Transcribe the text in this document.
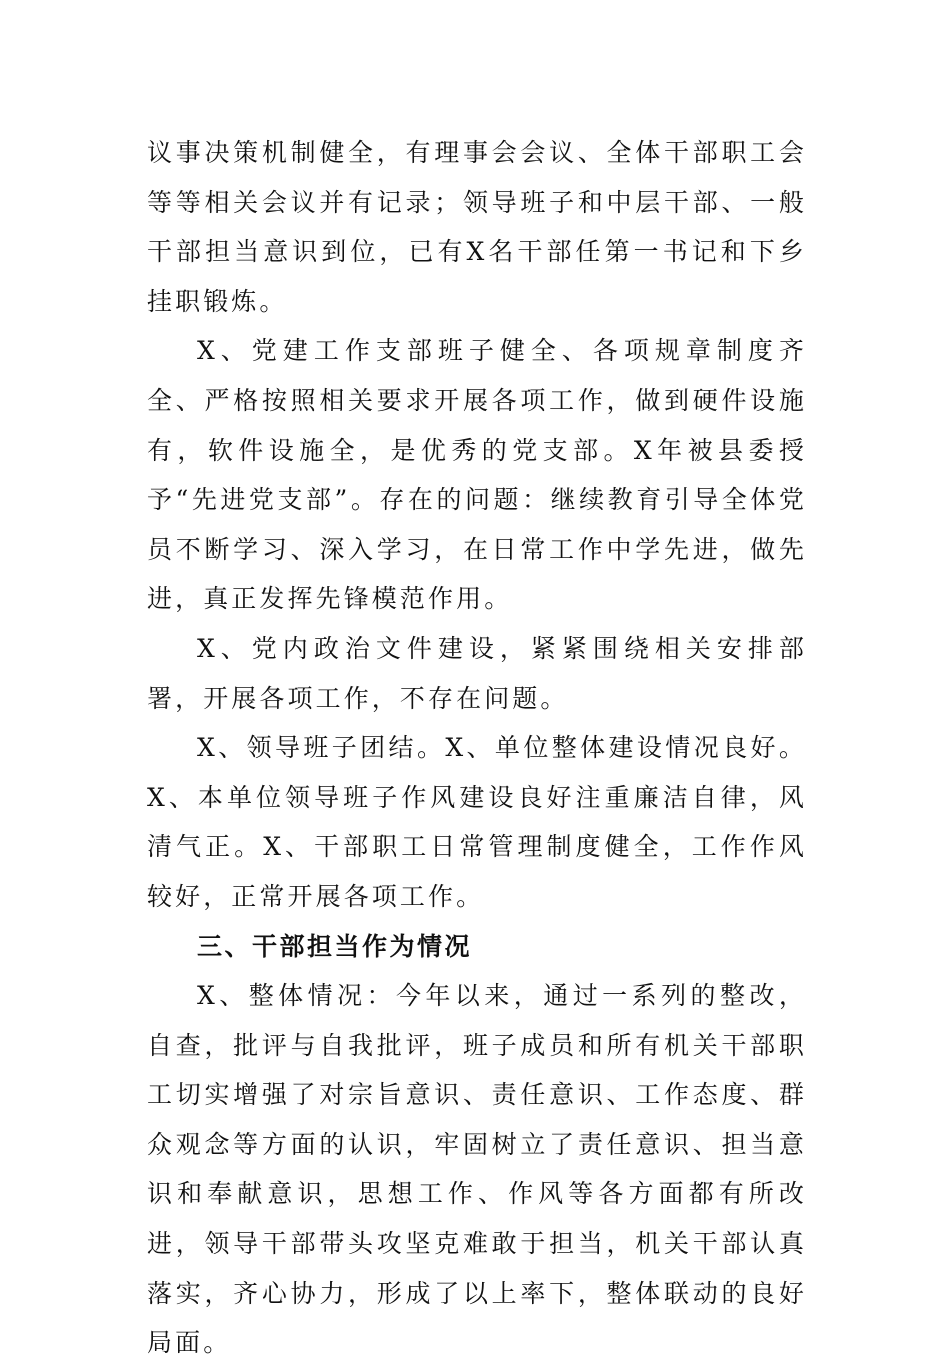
议事决策机制健全，有理事会会议、全体干部职工会等等相关会议并有记录；领导班子和中层干部、一般干部担当意识到位，已有X名干部任第一书记和下乡挂职锻炼。

X、党建工作支部班子健全、各项规章制度齐全、严格按照相关要求开展各项工作，做到硬件设施有，软件设施全，是优秀的党支部。X年被县委授予“先进党支部”。存在的问题：继续教育引导全体党员不断学习、深入学习，在日常工作中学先进，做先进，真正发挥先锋模范作用。

X、党内政治文件建设，紧紧围绕相关安排部署，开展各项工作，不存在问题。

X、领导班子团结。X、单位整体建设情况良好。X、本单位领导班子作风建设良好注重廉洁自律，风清气正。X、干部职工日常管理制度健全，工作作风较好，正常开展各项工作。

三、干部担当作为情况

X、整体情况：今年以来，通过一系列的整改，自查，批评与自我批评，班子成员和所有机关干部职工切实增强了对宗旨意识、责任意识、工作态度、群众观念等方面的认识，牢固树立了责任意识、担当意识和奉献意识，思想工作、作风等各方面都有所改进，领导干部带头攻坚克难敢于担当，机关干部认真落实，齐心协力，形成了以上率下，整体联动的良好局面。
